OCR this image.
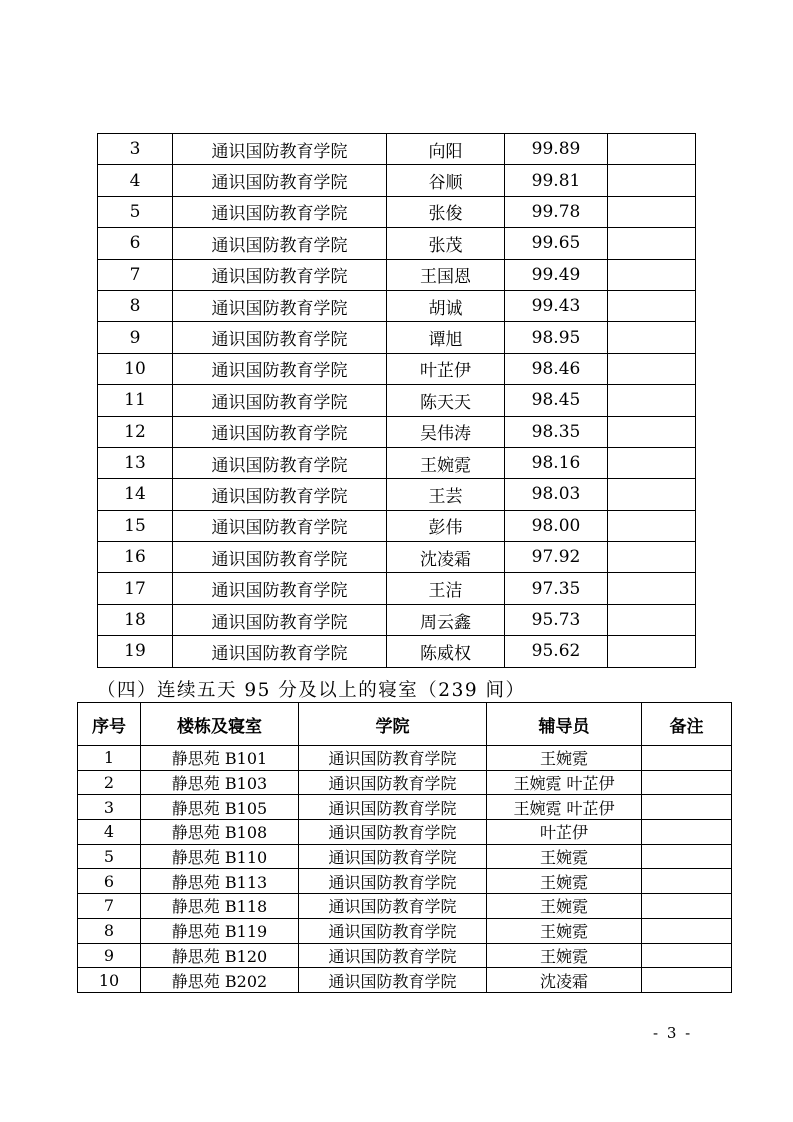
3	通识国防教育学院	向阳	99.89	
4	通识国防教育学院	谷顺	99.81	
5	通识国防教育学院	张俊	99.78	
6	通识国防教育学院	张茂	99.65	
7	通识国防教育学院	王国恩	99.49	
8	通识国防教育学院	胡诚	99.43	
9	通识国防教育学院	谭旭	98.95	
10	通识国防教育学院	叶芷伊	98.46	
11	通识国防教育学院	陈天天	98.45	
12	通识国防教育学院	吴伟涛	98.35	
13	通识国防教育学院	王婉霓	98.16	
14	通识国防教育学院	王芸	98.03	
15	通识国防教育学院	彭伟	98.00	
16	通识国防教育学院	沈凌霜	97.92	
17	通识国防教育学院	王洁	97.35	
18	通识国防教育学院	周云鑫	95.73	
19	通识国防教育学院	陈威权	95.62	
（四）连续五天 95 分及以上的寝室（239 间）
序号	楼栋及寝室	学院	辅导员	备注
1	静思苑 B101	通识国防教育学院	王婉霓	
2	静思苑 B103	通识国防教育学院	王婉霓 叶芷伊	
3	静思苑 B105	通识国防教育学院	王婉霓 叶芷伊	
4	静思苑 B108	通识国防教育学院	叶芷伊	
5	静思苑 B110	通识国防教育学院	王婉霓	
6	静思苑 B113	通识国防教育学院	王婉霓	
7	静思苑 B118	通识国防教育学院	王婉霓	
8	静思苑 B119	通识国防教育学院	王婉霓	
9	静思苑 B120	通识国防教育学院	王婉霓	
10	静思苑 B202	通识国防教育学院	沈凌霜	
- 3 -
